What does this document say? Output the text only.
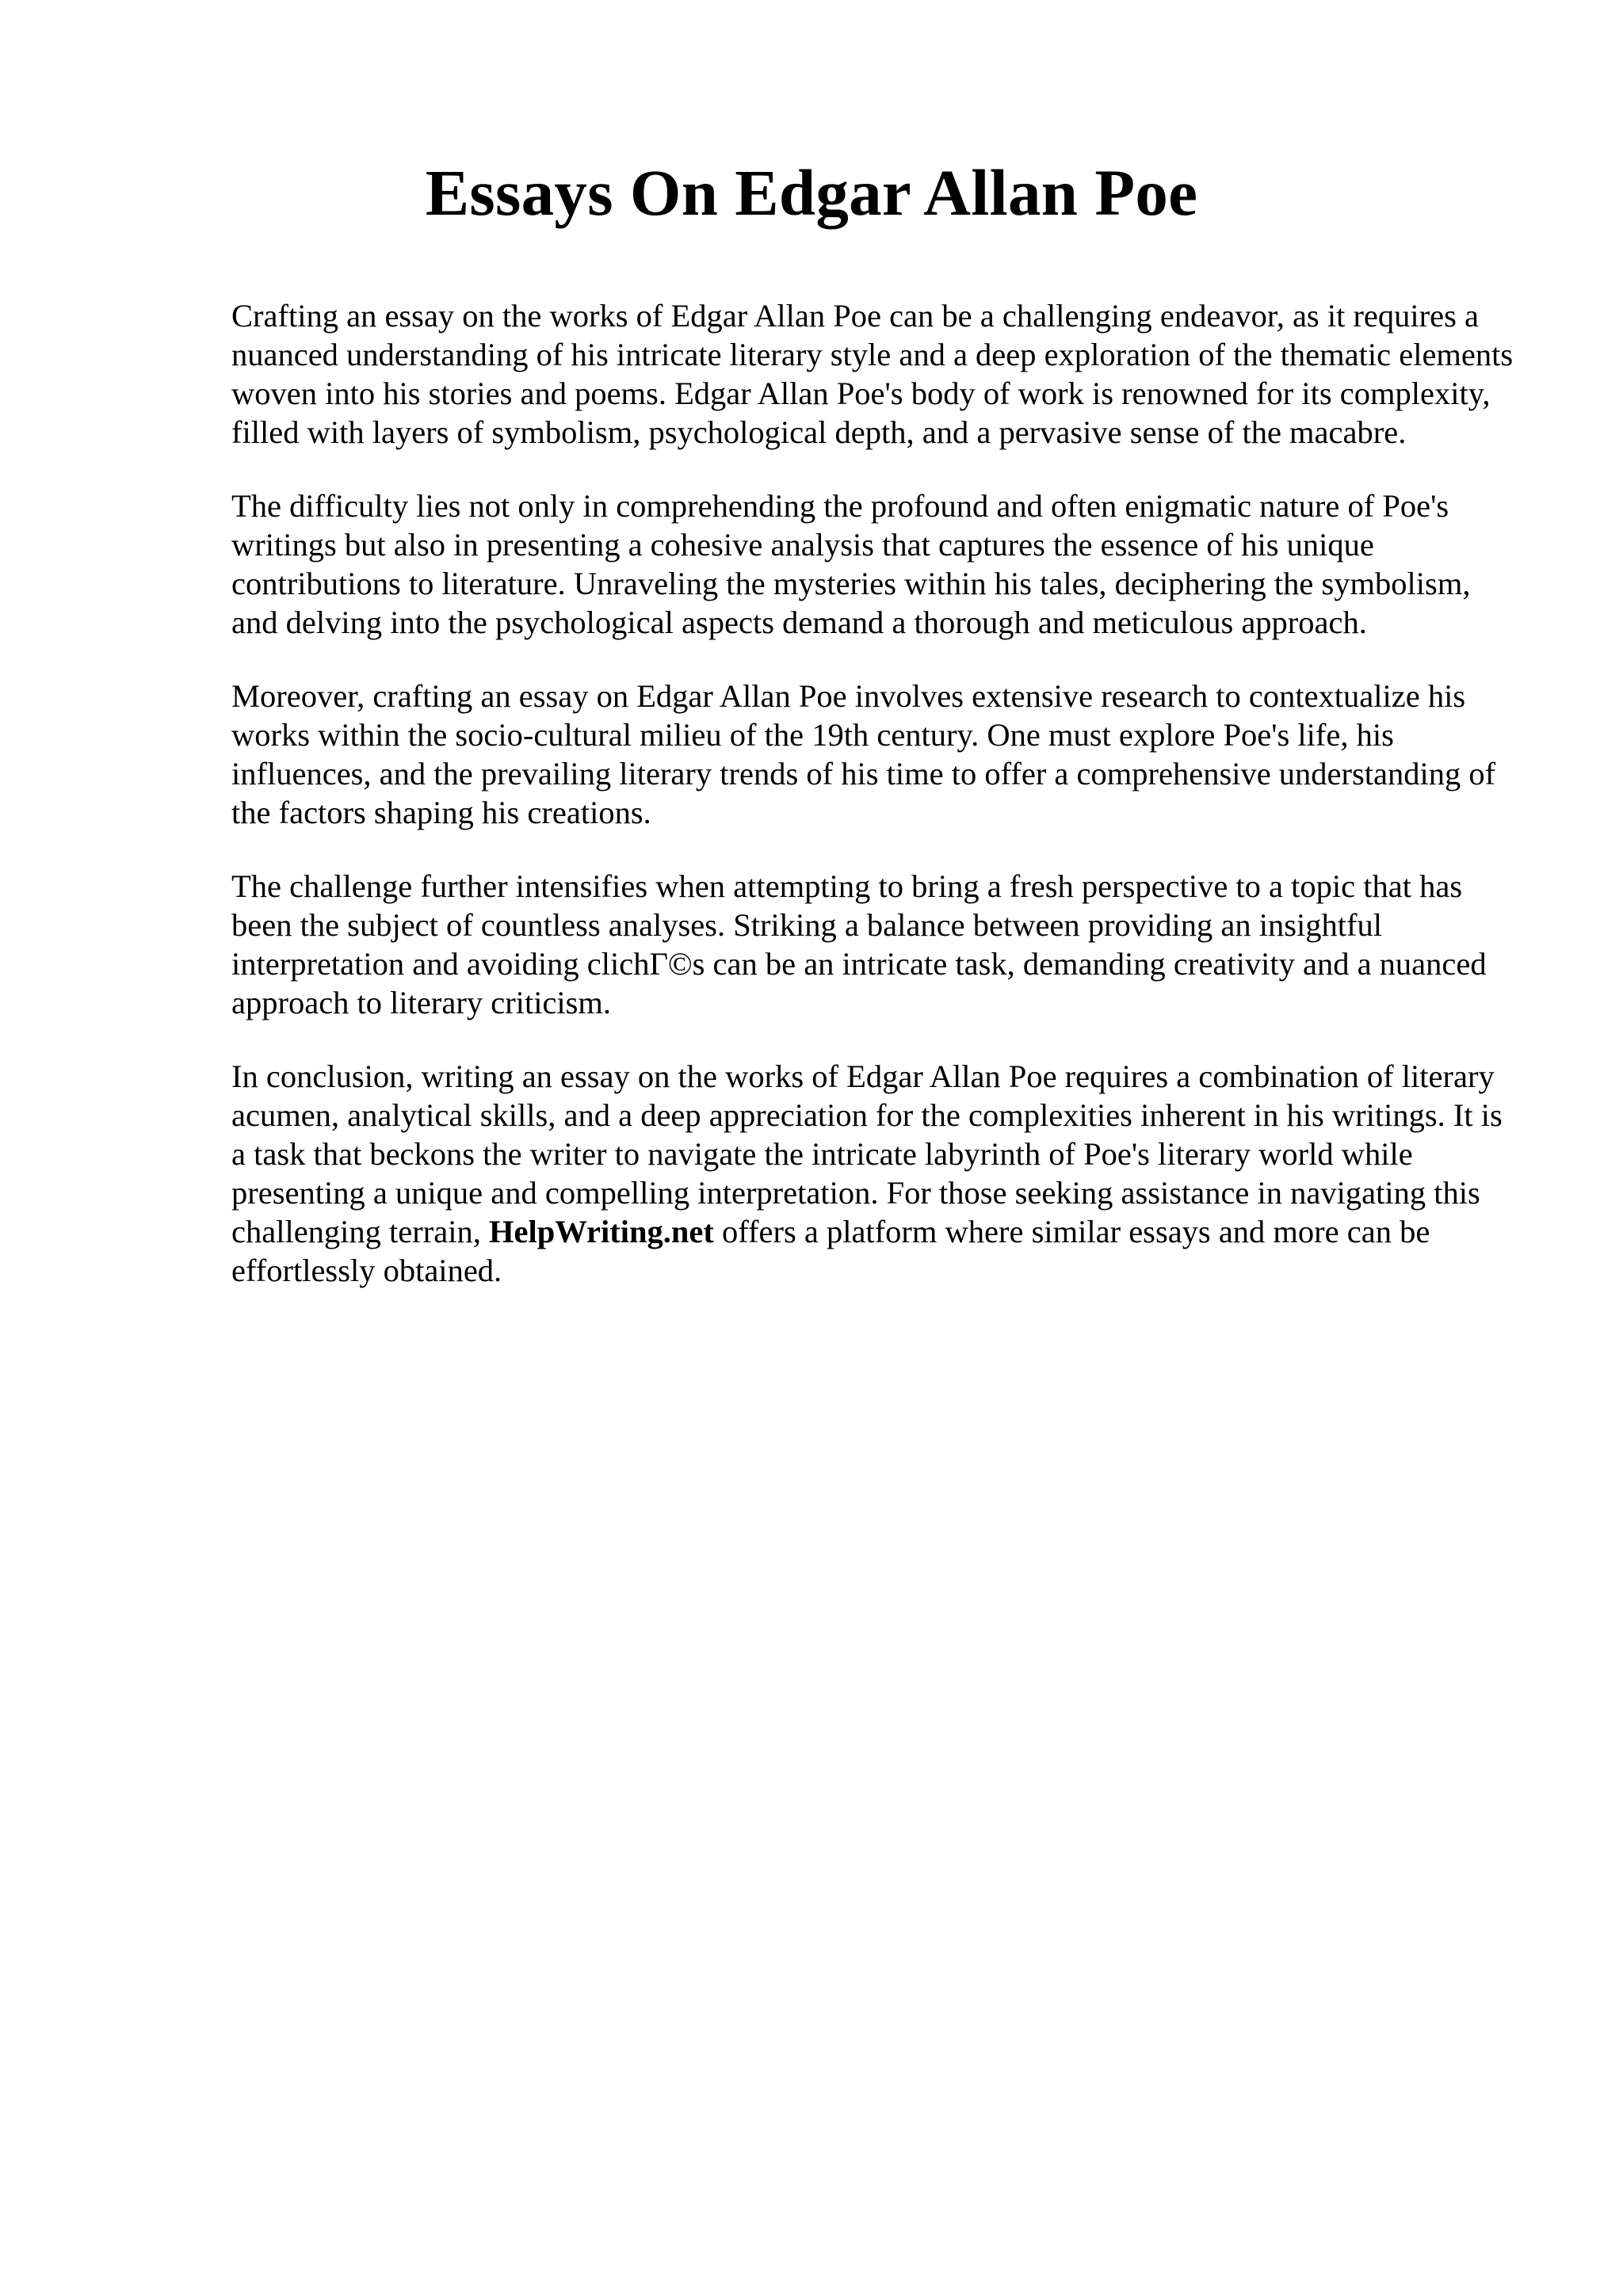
Essays On Edgar Allan Poe

Crafting an essay on the works of Edgar Allan Poe can be a challenging endeavor, as it requires a nuanced understanding of his intricate literary style and a deep exploration of the thematic elements woven into his stories and poems. Edgar Allan Poe's body of work is renowned for its complexity, filled with layers of symbolism, psychological depth, and a pervasive sense of the macabre.

The difficulty lies not only in comprehending the profound and often enigmatic nature of Poe's writings but also in presenting a cohesive analysis that captures the essence of his unique contributions to literature. Unraveling the mysteries within his tales, deciphering the symbolism, and delving into the psychological aspects demand a thorough and meticulous approach.

Moreover, crafting an essay on Edgar Allan Poe involves extensive research to contextualize his works within the socio-cultural milieu of the 19th century. One must explore Poe's life, his influences, and the prevailing literary trends of his time to offer a comprehensive understanding of the factors shaping his creations.

The challenge further intensifies when attempting to bring a fresh perspective to a topic that has been the subject of countless analyses. Striking a balance between providing an insightful interpretation and avoiding clichΓ©s can be an intricate task, demanding creativity and a nuanced approach to literary criticism.

In conclusion, writing an essay on the works of Edgar Allan Poe requires a combination of literary acumen, analytical skills, and a deep appreciation for the complexities inherent in his writings. It is a task that beckons the writer to navigate the intricate labyrinth of Poe's literary world while presenting a unique and compelling interpretation. For those seeking assistance in navigating this challenging terrain, HelpWriting.net offers a platform where similar essays and more can be effortlessly obtained.
